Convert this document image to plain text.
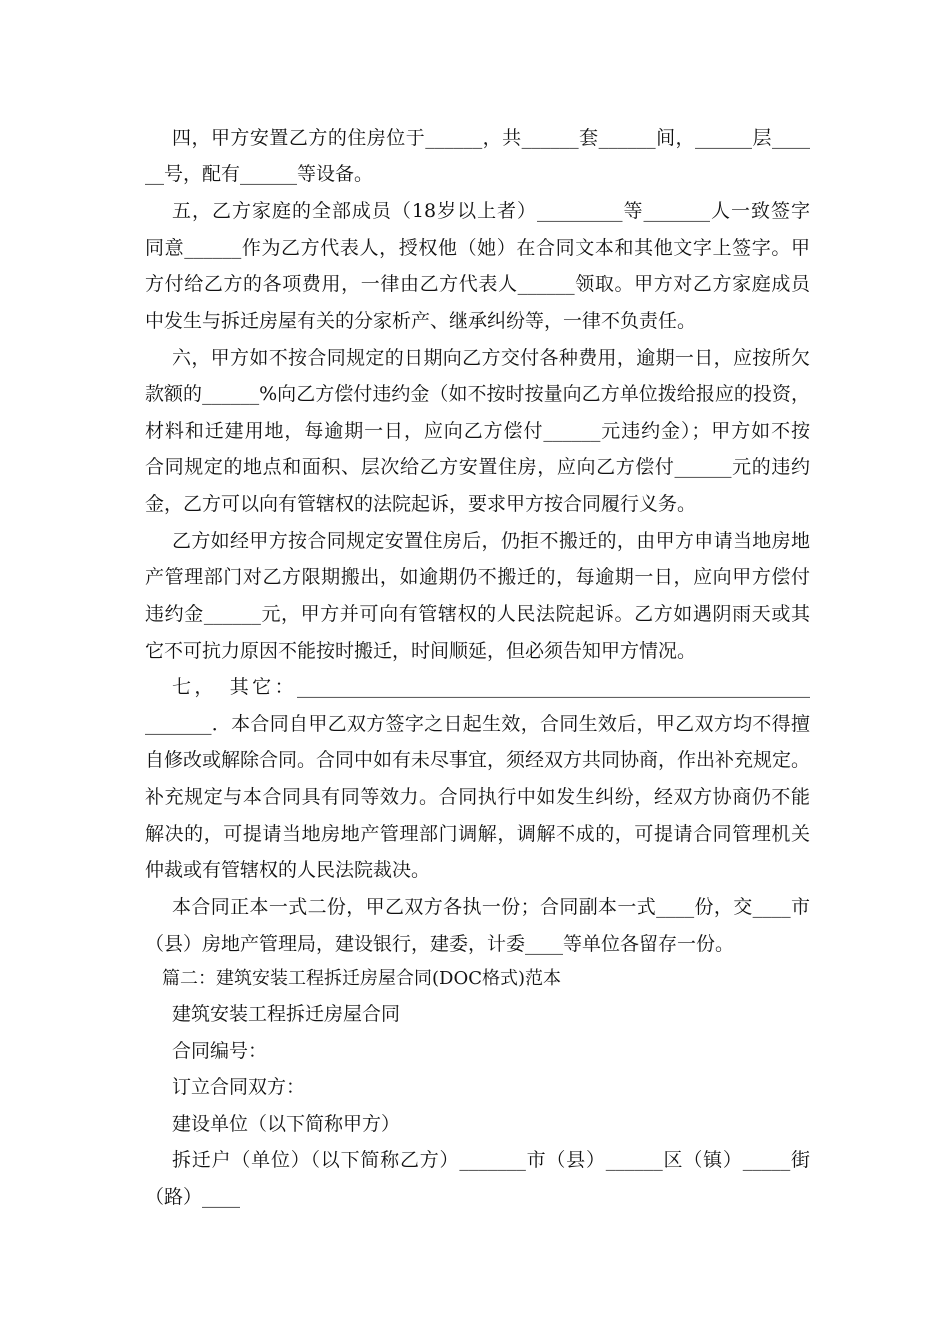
四，甲方安置乙方的住房位于______，共______套______间，______层____
__号，配有______等设备。
五，乙方家庭的全部成员（18岁以上者）_________等_______人一致签字
同意______作为乙方代表人，授权他（她）在合同文本和其他文字上签字。甲
方付给乙方的各项费用，一律由乙方代表人______领取。甲方对乙方家庭成员
中发生与拆迁房屋有关的分家析产、继承纠纷等，一律不负责任。
六，甲方如不按合同规定的日期向乙方交付各种费用，逾期一日，应按所欠
款额的______%向乙方偿付违约金（如不按时按量向乙方单位拨给报应的投资，
材料和迁建用地，每逾期一日，应向乙方偿付______元违约金）；甲方如不按
合同规定的地点和面积、层次给乙方安置住房，应向乙方偿付______元的违约
金，乙方可以向有管辖权的法院起诉，要求甲方按合同履行义务。
乙方如经甲方按合同规定安置住房后，仍拒不搬迁的，由甲方申请当地房地
产管理部门对乙方限期搬出，如逾期仍不搬迁的，每逾期一日，应向甲方偿付
违约金______元，甲方并可向有管辖权的人民法院起诉。乙方如遇阴雨天或其
它不可抗力原因不能按时搬迁，时间顺延，但必须告知甲方情况。
七，　其它：______________________________________________________
_______．本合同自甲乙双方签字之日起生效，合同生效后，甲乙双方均不得擅
自修改或解除合同。合同中如有未尽事宜，须经双方共同协商，作出补充规定。
补充规定与本合同具有同等效力。合同执行中如发生纠纷，经双方协商仍不能
解决的，可提请当地房地产管理部门调解，调解不成的，可提请合同管理机关
仲裁或有管辖权的人民法院裁决。
本合同正本一式二份，甲乙双方各执一份；合同副本一式____份，交____市
（县）房地产管理局，建设银行，建委，计委____等单位各留存一份。
篇二：建筑安装工程拆迁房屋合同(DOC格式)范本
建筑安装工程拆迁房屋合同
合同编号：
订立合同双方：
建设单位（以下简称甲方）
拆迁户（单位）（以下简称乙方）_______市（县）______区（镇）_____街
（路）____
